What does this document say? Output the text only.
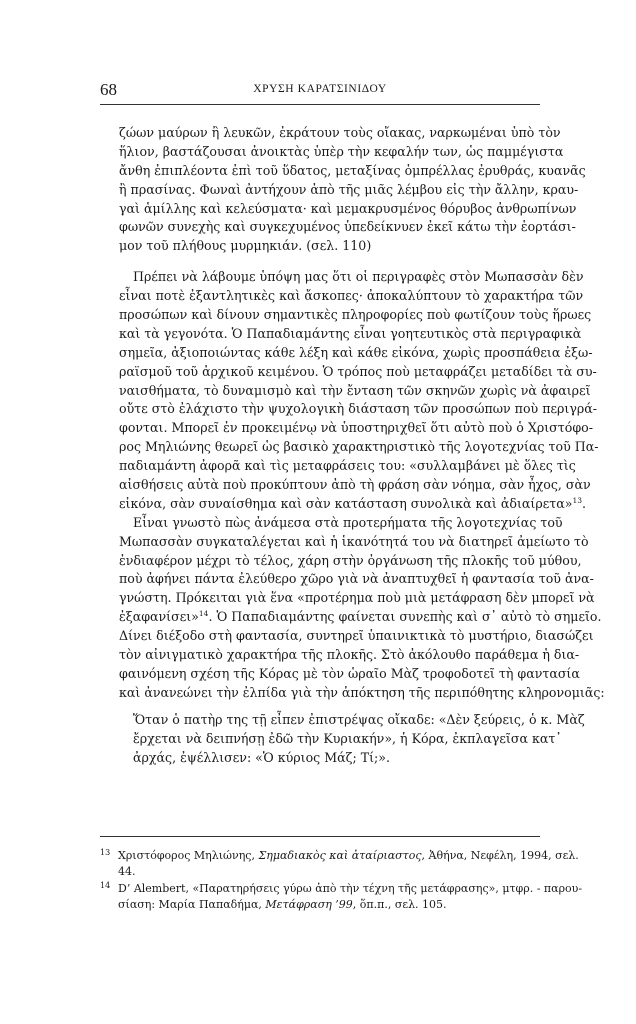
68	ΧΡΥΣΗ ΚΑΡΑΤΣΙΝΙΔΟΥ
ζώων μαύρων ἢ λευκῶν, ἐκράτουν τοὺς οἴακας, ναρκωμέναι ὑπὸ τὸν
ἥλιον, βαστάζουσαι ἀνοικτὰς ὑπὲρ τὴν κεφαλήν των, ὡς παμμέγιστα
ἄνθη ἐπιπλέοντα ἐπὶ τοῦ ὕδατος, μεταξίνας ὀμπρέλλας ἐρυθράς, κυανᾶς
ἢ πρασίνας. Φωναὶ ἀντήχουν ἀπὸ τῆς μιᾶς λέμβου εἰς τὴν ἄλλην, κραυ-
γαὶ ἁμίλλης καὶ κελεύσματα· καὶ μεμακρυσμένος θόρυβος ἀνθρωπίνων
φωνῶν συνεχὴς καὶ συγκεχυμένος ὑπεδείκνυεν ἐκεῖ κάτω τὴν ἑορτάσι-
μον τοῦ πλήθους μυρμηκιάν. (σελ. 110)
Πρέπει νὰ λάβουμε ὑπόψη μας ὅτι οἱ περιγραφὲς στὸν Μωπασσὰν δὲν
εἶναι ποτὲ ἐξαντλητικὲς καὶ ἄσκοπες· ἀποκαλύπτουν τὸ χαρακτήρα τῶν
προσώπων καὶ δίνουν σημαντικὲς πληροφορίες ποὺ φωτίζουν τοὺς ἥρωες
καὶ τὰ γεγονότα. Ὁ Παπαδιαμάντης εἶναι γοητευτικὸς στὰ περιγραφικὰ
σημεῖα, ἀξιοποιώντας κάθε λέξη καὶ κάθε εἰκόνα, χωρὶς προσπάθεια ἐξω-
ραϊσμοῦ τοῦ ἀρχικοῦ κειμένου. Ὁ τρόπος ποὺ μεταφράζει μεταδίδει τὰ συ-
ναισθήματα, τὸ δυναμισμὸ καὶ τὴν ἔνταση τῶν σκηνῶν χωρὶς νὰ ἀφαιρεῖ
οὔτε στὸ ἐλάχιστο τὴν ψυχολογικὴ διάσταση τῶν προσώπων ποὺ περιγρά-
φονται. Μπορεῖ ἐν προκειμένῳ νὰ ὑποστηριχθεῖ ὅτι αὐτὸ ποὺ ὁ Χριστόφο-
ρος Μηλιώνης θεωρεῖ ὡς βασικὸ χαρακτηριστικὸ τῆς λογοτεχνίας τοῦ Πα-
παδιαμάντη ἀφορᾶ καὶ τὶς μεταφράσεις του: «συλλαμβάνει μὲ ὅλες τὶς
αἰσθήσεις αὐτὰ ποὺ προκύπτουν ἀπὸ τὴ φράση σὰν νόημα, σὰν ἦχος, σὰν
εἰκόνα, σὰν συναίσθημα καὶ σὰν κατάσταση συνολικὰ καὶ ἀδιαίρετα»$^{13}$.
Εἶναι γνωστὸ πὼς ἀνάμεσα στὰ προτερήματα τῆς λογοτεχνίας τοῦ
Μωπασσὰν συγκαταλέγεται καὶ ἡ ἱκανότητά του νὰ διατηρεῖ ἀμείωτο τὸ
ἐνδιαφέρον μέχρι τὸ τέλος, χάρη στὴν ὀργάνωση τῆς πλοκῆς τοῦ μύθου,
ποὺ ἀφήνει πάντα ἐλεύθερο χῶρο γιὰ νὰ ἀναπτυχθεῖ ἡ φαντασία τοῦ ἀνα-
γνώστη. Πρόκειται γιὰ ἕνα «προτέρημα ποὺ μιὰ μετάφραση δὲν μπορεῖ νὰ
ἐξαφανίσει»$^{14}$. Ὁ Παπαδιαμάντης φαίνεται συνεπὴς καὶ σ᾽ αὐτὸ τὸ σημεῖο.
Δίνει διέξοδο στὴ φαντασία, συντηρεῖ ὑπαινικτικὰ τὸ μυστήριο, διασώζει
τὸν αἰνιγματικὸ χαρακτήρα τῆς πλοκῆς. Στὸ ἀκόλουθο παράθεμα ἡ δια-
φαινόμενη σχέση τῆς Κόρας μὲ τὸν ὡραῖο Μὰζ τροφοδοτεῖ τὴ φαντασία
καὶ ἀνανεώνει τὴν ἐλπίδα γιὰ τὴν ἀπόκτηση τῆς περιπόθητης κληρονομιᾶς:
Ὅταν ὁ πατὴρ της τῇ εἶπεν ἐπιστρέψας οἴκαδε: «Δὲν ξεύρεις, ὁ κ. Μὰζ
ἔρχεται νὰ δειπνήσῃ ἐδῶ τὴν Κυριακήν», ἡ Κόρα, ἐκπλαγεῖσα κατ᾽
ἀρχάς, ἐψέλλισεν: «Ὁ κύριος Μάζ; Τί;».
13 Χριστόφορος Μηλιώνης, Σημαδιακὸς καὶ ἀταίριαστος, Ἀθήνα, Νεφέλη, 1994, σελ.
44.
14 D’ Alembert, «Παρατηρήσεις γύρω ἀπὸ τὴν τέχνη τῆς μετάφρασης», μτφρ. - παρου-
σίαση: Μαρία Παπαδήμα, Μετάφραση ’99, ὅπ.π., σελ. 105.
